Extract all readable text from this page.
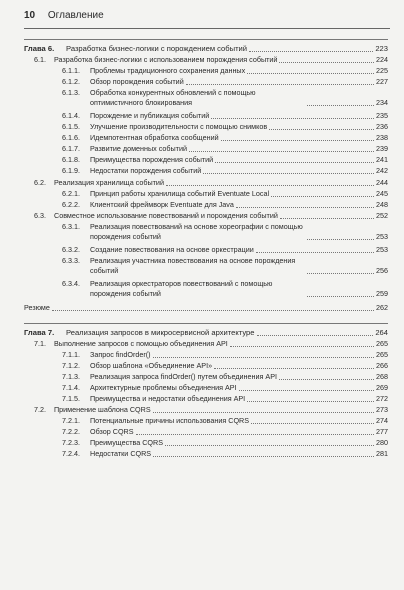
10 Оглавление
Глава 6. Разработка бизнес-логики с порождением событий	223
6.1. Разработка бизнес-логики с использованием порождения событий	224
6.1.1. Проблемы традиционного сохранения данных	225
6.1.2. Обзор порождения событий	227
6.1.3. Обработка конкурентных обновлений с помощью оптимистичного блокирования	234
6.1.4. Порождение и публикация событий	235
6.1.5. Улучшение производительности с помощью снимков	236
6.1.6. Идемпотентная обработка сообщений	238
6.1.7. Развитие доменных событий	239
6.1.8. Преимущества порождения событий	241
6.1.9. Недостатки порождения событий	242
6.2. Реализация хранилища событий	244
6.2.1. Принцип работы хранилища событий Eventuate Local	245
6.2.2. Клиентский фреймворк Eventuate для Java	248
6.3. Совместное использование повествований и порождения событий	252
6.3.1. Реализация повествований на основе хореографии с помощью порождения событий	253
6.3.2. Создание повествования на основе оркестрации	253
6.3.3. Реализация участника повествования на основе порождения событий	256
6.3.4. Реализация оркестраторов повествований с помощью порождения событий	259
Резюме	262
Глава 7. Реализация запросов в микросервисной архитектуре	264
7.1. Выполнение запросов с помощью объединения API	265
7.1.1. Запрос findOrder()	265
7.1.2. Обзор шаблона «Объединение API»	266
7.1.3. Реализация запроса findOrder() путем объединения API	268
7.1.4. Архитектурные проблемы объединения API	269
7.1.5. Преимущества и недостатки объединения API	272
7.2. Применение шаблона CQRS	273
7.2.1. Потенциальные причины использования CQRS	274
7.2.2. Обзор CQRS	277
7.2.3. Преимущества CQRS	280
7.2.4. Недостатки CQRS	281
